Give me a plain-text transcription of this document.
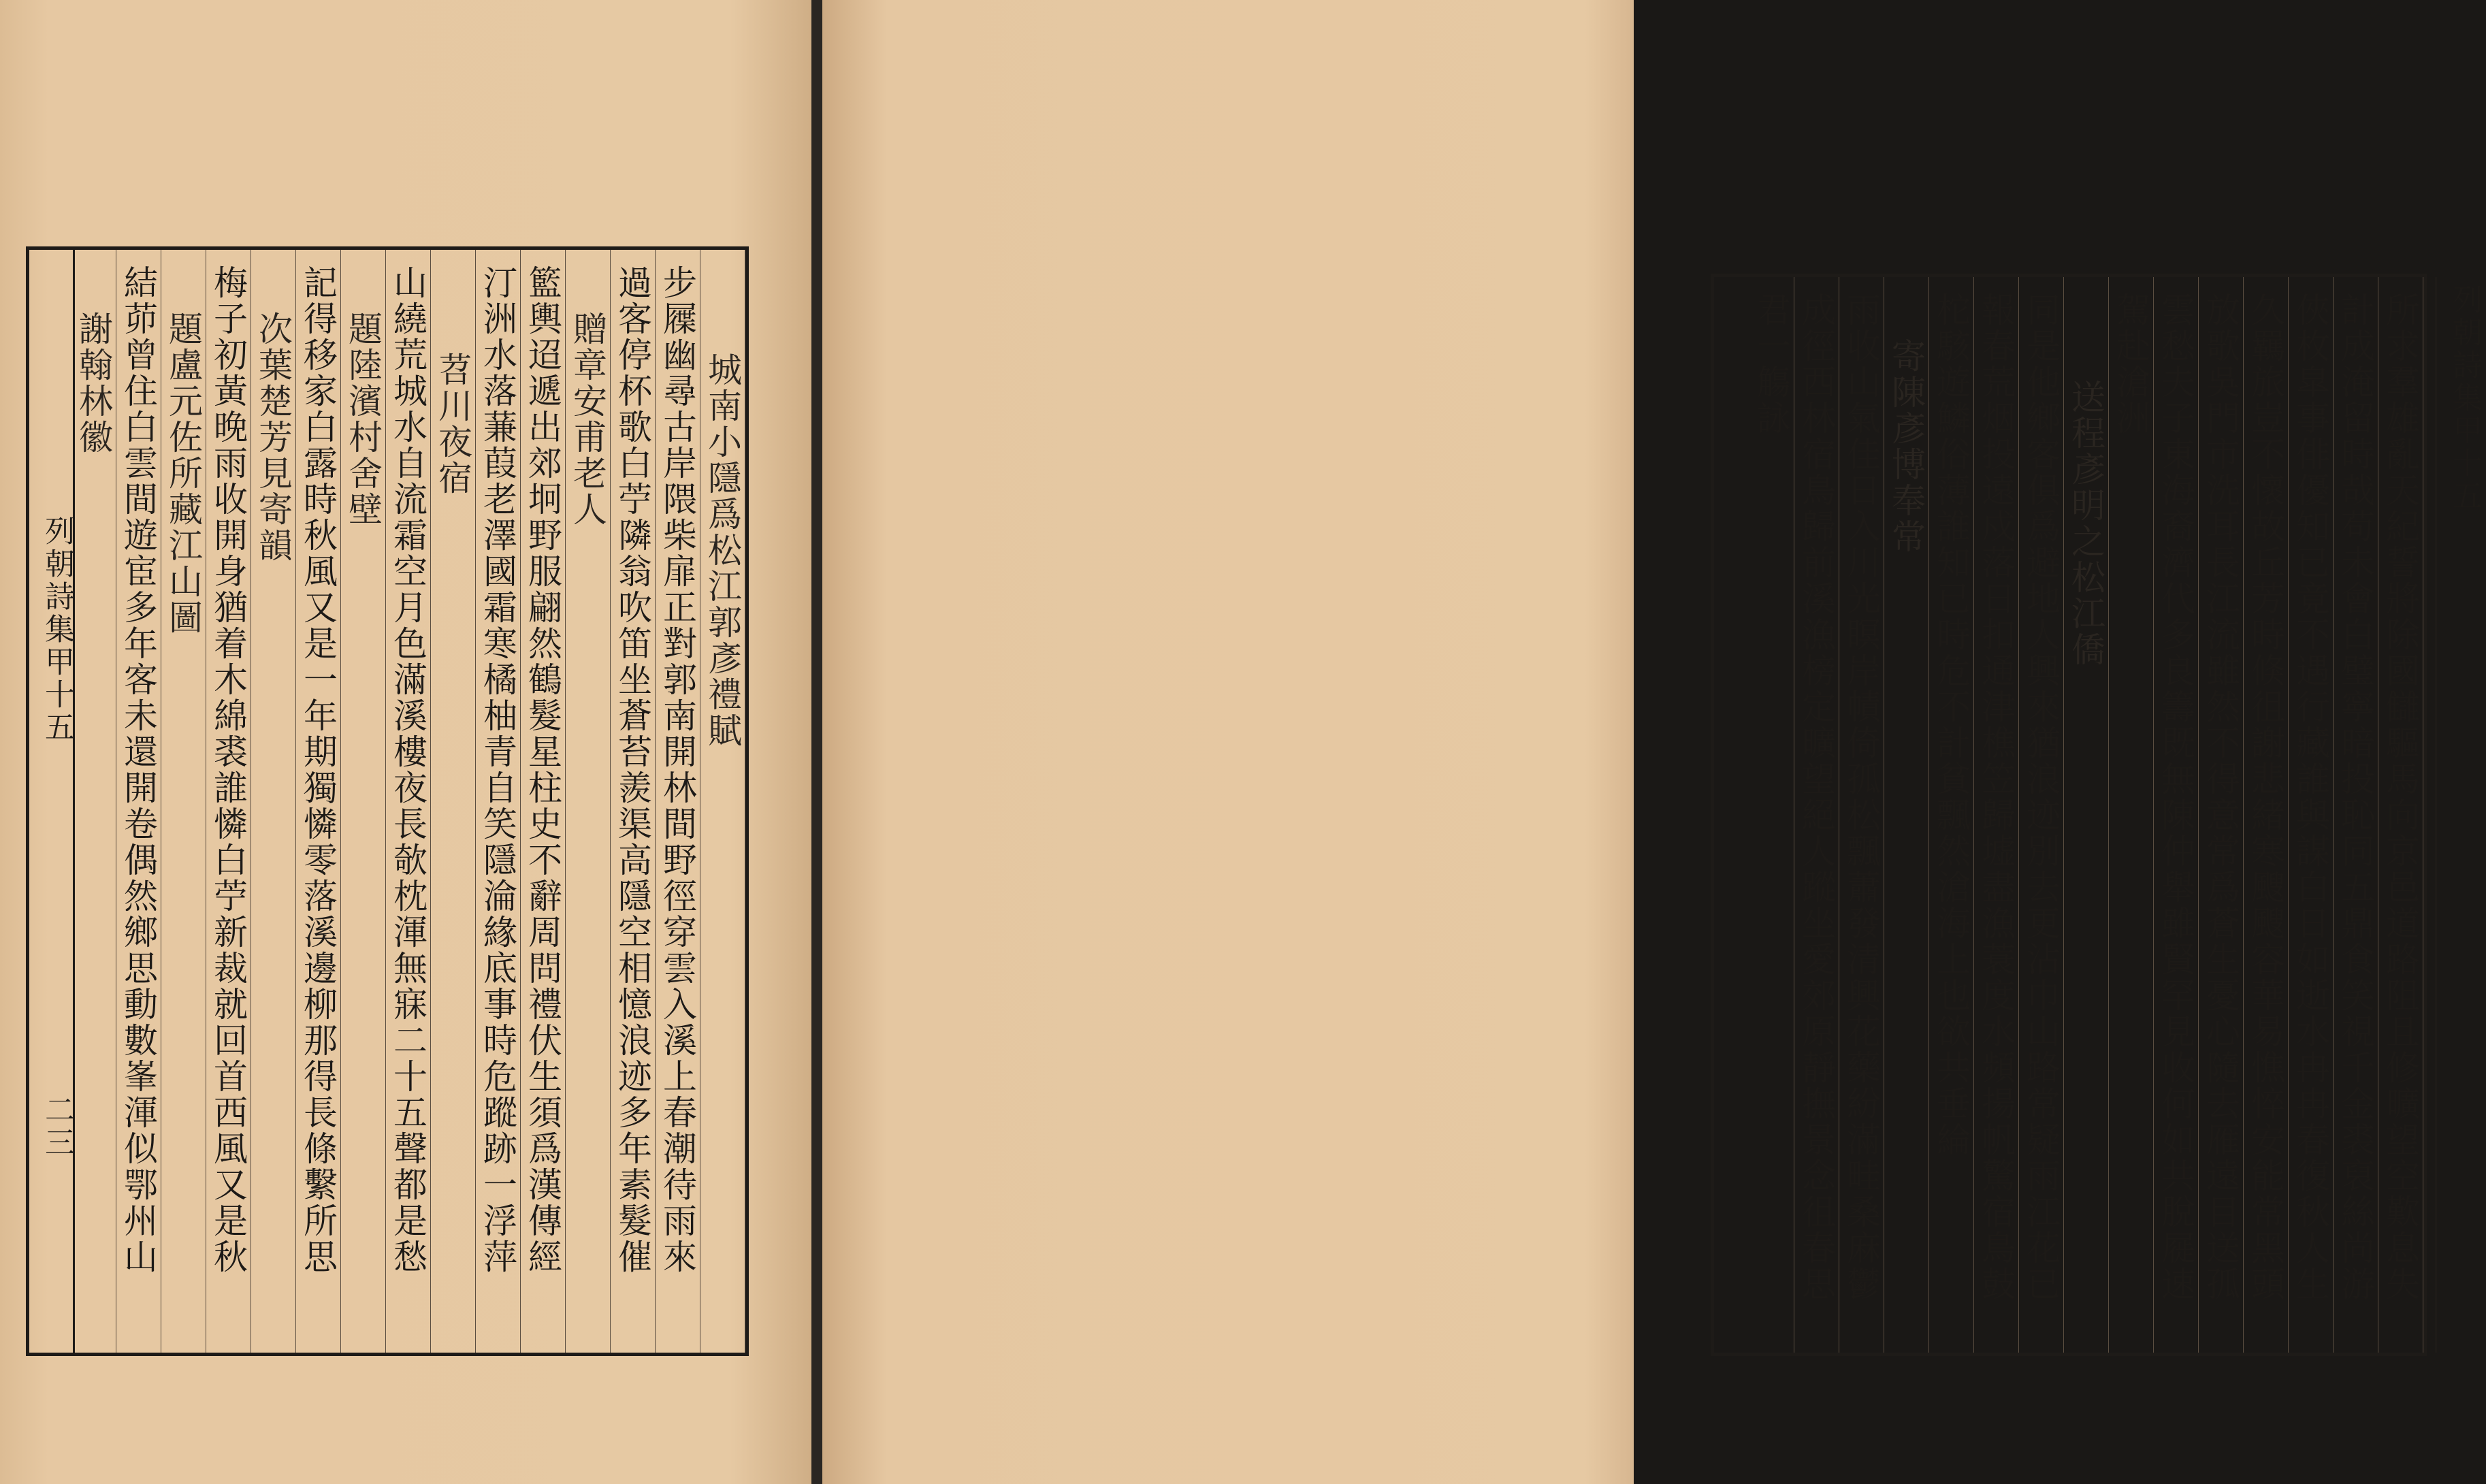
城南小隱爲松江郭彥禮賦
步屧幽尋古岸隈柴扉正對郭南開林間野徑穿雲入溪上春潮待雨來
過客停杯歌白苧隣翁吹笛坐蒼苔羨渠高隱空相憶浪迹多年素髮催
贈章安甫老人
籃輿迢遞出郊坰野服翩然鶴髮星柱史不辭周問禮伏生須爲漢傳經
汀洲水落蒹葭老澤國霜寒橘柚青自笑隱淪緣底事時危蹤跡一浮萍
苕川夜宿
山繞荒城水自流霜空月色滿溪樓夜長欹枕渾無寐二十五聲都是愁
題陸濱村舍壁
記得移家白露時秋風又是一年期獨憐零落溪邊柳那得長條繫所思
次葉楚芳見寄韻
梅子初黃晚雨收開身猶着木綿裘誰憐白苧新裁就回首西風又是秋
題盧元佐所藏江山圖
結茆曾住白雲間遊宦多年客未還開卷偶然鄉思動數峯渾似鄂州山
謝翰林徽
列朝詩集甲十五
二三	所求羣雄亂天紀誓將除國讎驅馬向京邑道路阻且修曠望空歎息失
計成淹留時哉苟未會白璧寧暗投恥同五鼎食笑視千金裘裒絲尚游
俠枚皐事俳優知已竟不遇行藏誰與謀白日如逝水冉冉春復秋人生
久羈旅豈不懷故丘芳時倏徂謝悲緒寒颼颼容華易憔悴安能常黑頭
放歌吳門市洗耳長江流雖然不得意常爲蒼生憂心隨去雁遠目送孤
雲愁夫子東海裔濟代多良籌既無陳仲舉雖賢罕見收何如共脫屣速
駕赴滄洲
送程彥明之松江僑
同是他鄉客俱爲避地人興來猶浪迹別去更沾巾山路常疑雨江花已
報春荒烟投遠戍落日扣通津樵笠歸墟盡漁蓑度水頻揚帆驚宿鳥鼓
柁駭遊鱗俗薄誰知已時危不計貧飄然滄海上也欲共垂綸
寄陳彥博奉常
雨收山氣佳日入川光瞑岸幘倚孤松飄蕭發清興花藥紛滿畦桑麻鬱
成徑西林宿鳥歸前溪漁榜定曠望絕人蹤坐愛郊原靜撫景念徂春思
君一觴詠	列朝詩集甲十五
